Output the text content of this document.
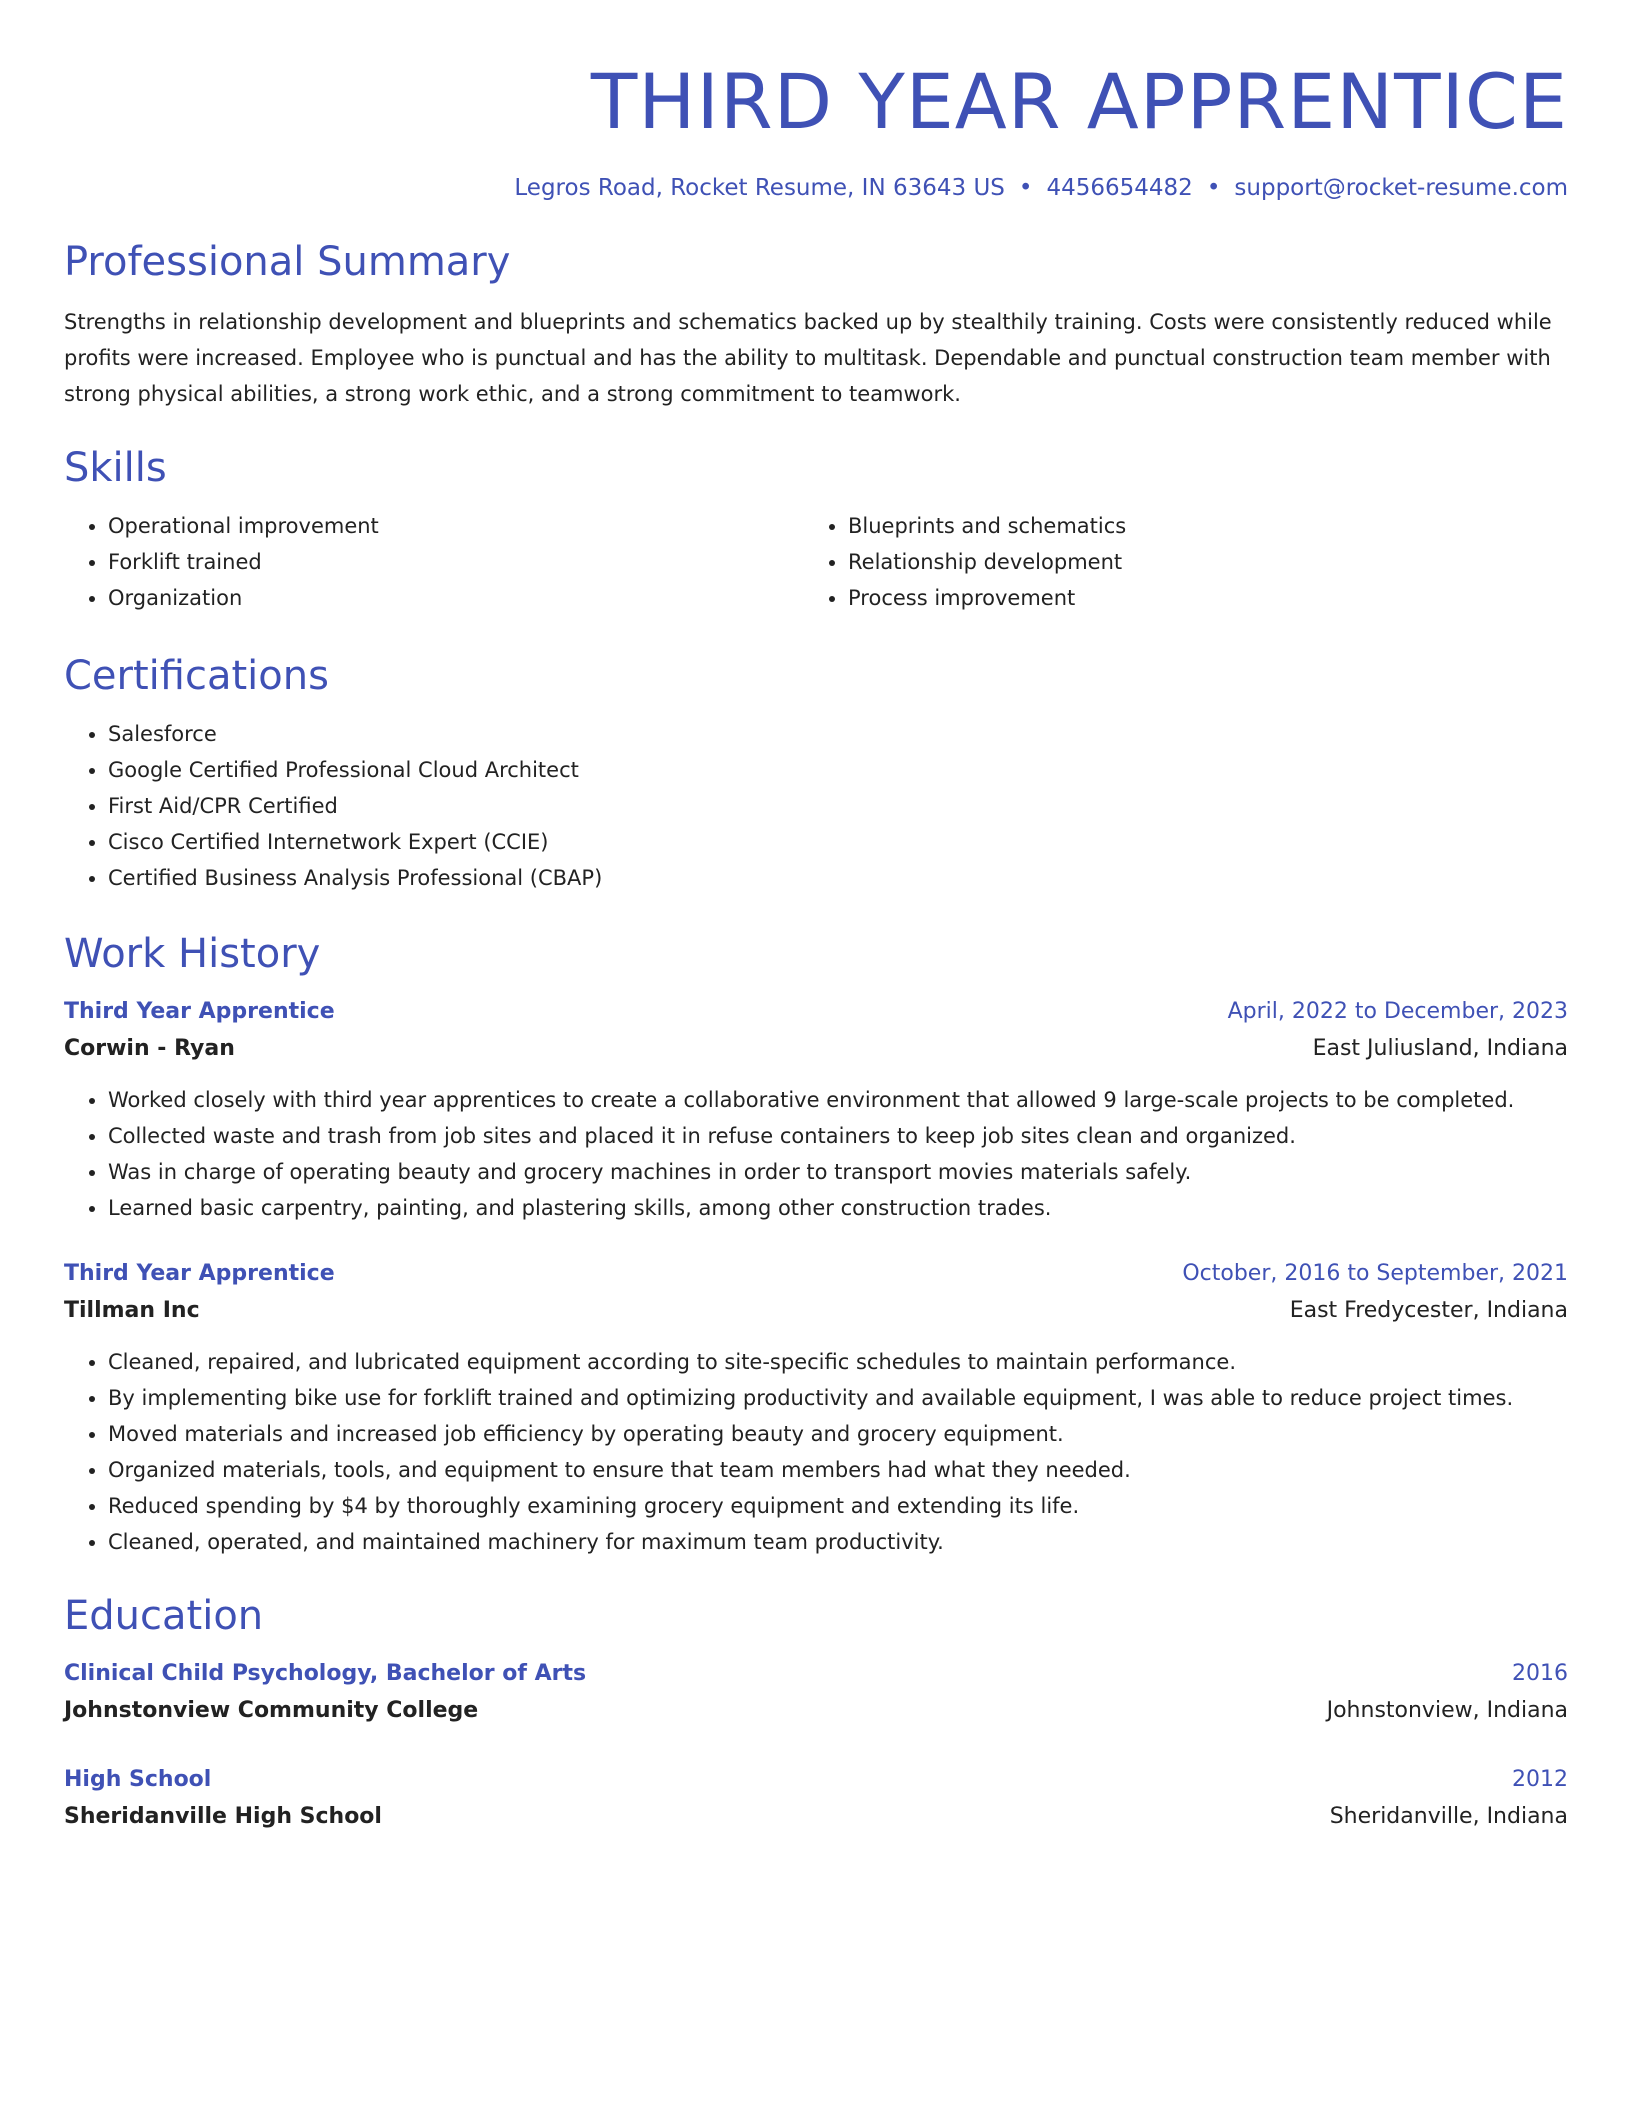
THIRD YEAR APPRENTICE
Legros Road, Rocket Resume, IN 63643 US • 4456654482 • support@rocket-resume.com
Professional Summary

Strengths in relationship development and blueprints and schematics backed up by stealthily training. Costs were consistently reduced while profits were increased. Employee who is punctual and has the ability to multitask. Dependable and punctual construction team member with strong physical abilities, a strong work ethic, and a strong commitment to teamwork.

Skills
• Operational improvement
• Forklift trained
• Organization
• Blueprints and schematics
• Relationship development
• Process improvement
Certifications
• Salesforce
• Google Certified Professional Cloud Architect
• First Aid/CPR Certified
• Cisco Certified Internetwork Expert (CCIE)
• Certified Business Analysis Professional (CBAP)
Work History
Third Year Apprentice	April, 2022 to December, 2023
Corwin - Ryan	East Juliusland, Indiana
• Worked closely with third year apprentices to create a collaborative environment that allowed 9 large-scale projects to be completed.
• Collected waste and trash from job sites and placed it in refuse containers to keep job sites clean and organized.
• Was in charge of operating beauty and grocery machines in order to transport movies materials safely.
• Learned basic carpentry, painting, and plastering skills, among other construction trades.
Third Year Apprentice	October, 2016 to September, 2021
Tillman Inc	East Fredycester, Indiana
• Cleaned, repaired, and lubricated equipment according to site-specific schedules to maintain performance.
• By implementing bike use for forklift trained and optimizing productivity and available equipment, I was able to reduce project times.
• Moved materials and increased job efficiency by operating beauty and grocery equipment.
• Organized materials, tools, and equipment to ensure that team members had what they needed.
• Reduced spending by $4 by thoroughly examining grocery equipment and extending its life.
• Cleaned, operated, and maintained machinery for maximum team productivity.
Education
Clinical Child Psychology, Bachelor of Arts	2016
Johnstonview Community College	Johnstonview, Indiana
High School	2012
Sheridanville High School	Sheridanville, Indiana
